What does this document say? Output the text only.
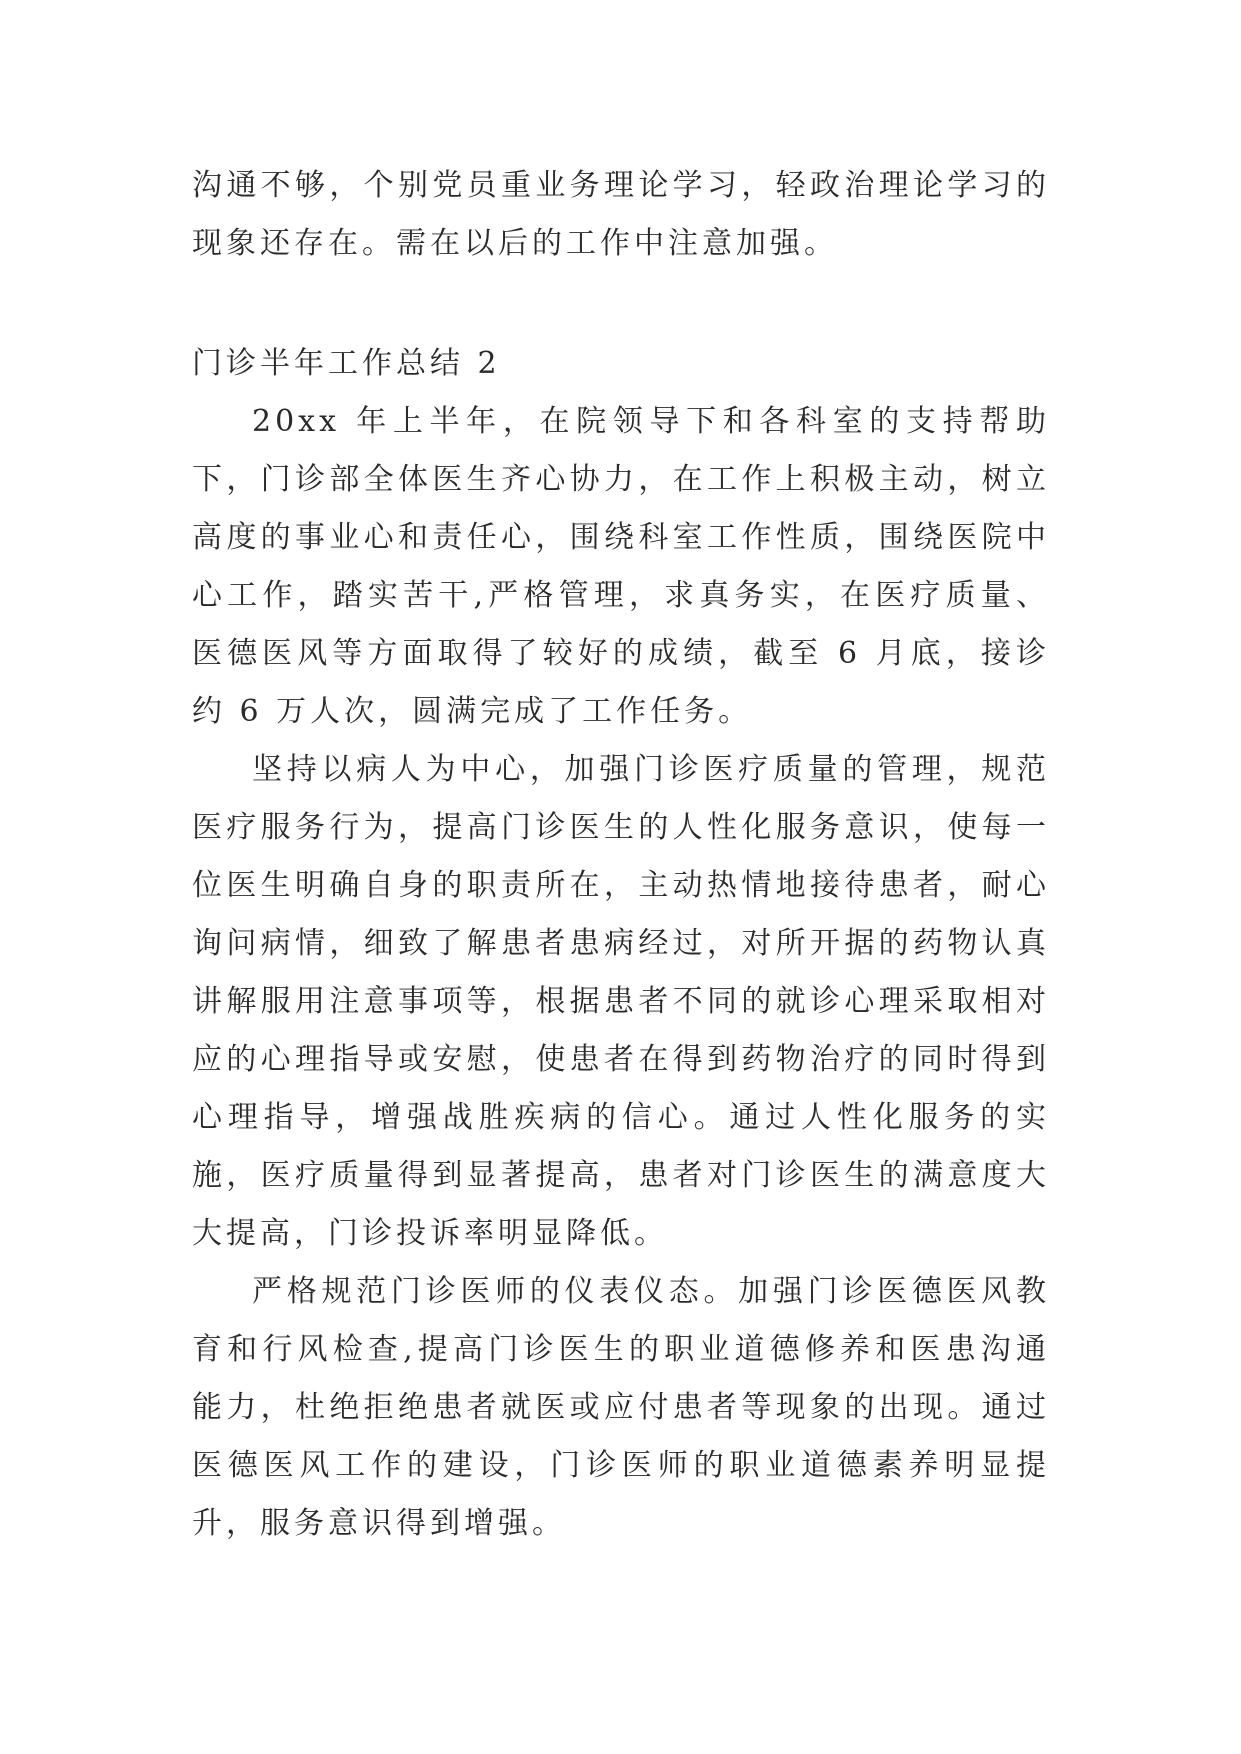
沟通不够，个别党员重业务理论学习，轻政治理论学习的现象还存在。需在以后的工作中注意加强。

门诊半年工作总结 2

20xx 年上半年，在院领导下和各科室的支持帮助下，门诊部全体医生齐心协力，在工作上积极主动，树立高度的事业心和责任心，围绕科室工作性质，围绕医院中心工作，踏实苦干,严格管理，求真务实，在医疗质量、医德医风等方面取得了较好的成绩，截至 6 月底，接诊约 6 万人次，圆满完成了工作任务。

坚持以病人为中心，加强门诊医疗质量的管理，规范医疗服务行为，提高门诊医生的人性化服务意识，使每一位医生明确自身的职责所在，主动热情地接待患者，耐心询问病情，细致了解患者患病经过，对所开据的药物认真讲解服用注意事项等，根据患者不同的就诊心理采取相对应的心理指导或安慰，使患者在得到药物治疗的同时得到心理指导，增强战胜疾病的信心。通过人性化服务的实施，医疗质量得到显著提高，患者对门诊医生的满意度大大提高，门诊投诉率明显降低。

严格规范门诊医师的仪表仪态。加强门诊医德医风教育和行风检查,提高门诊医生的职业道德修养和医患沟通能力，杜绝拒绝患者就医或应付患者等现象的出现。通过医德医风工作的建设，门诊医师的职业道德素养明显提升，服务意识得到增强。
